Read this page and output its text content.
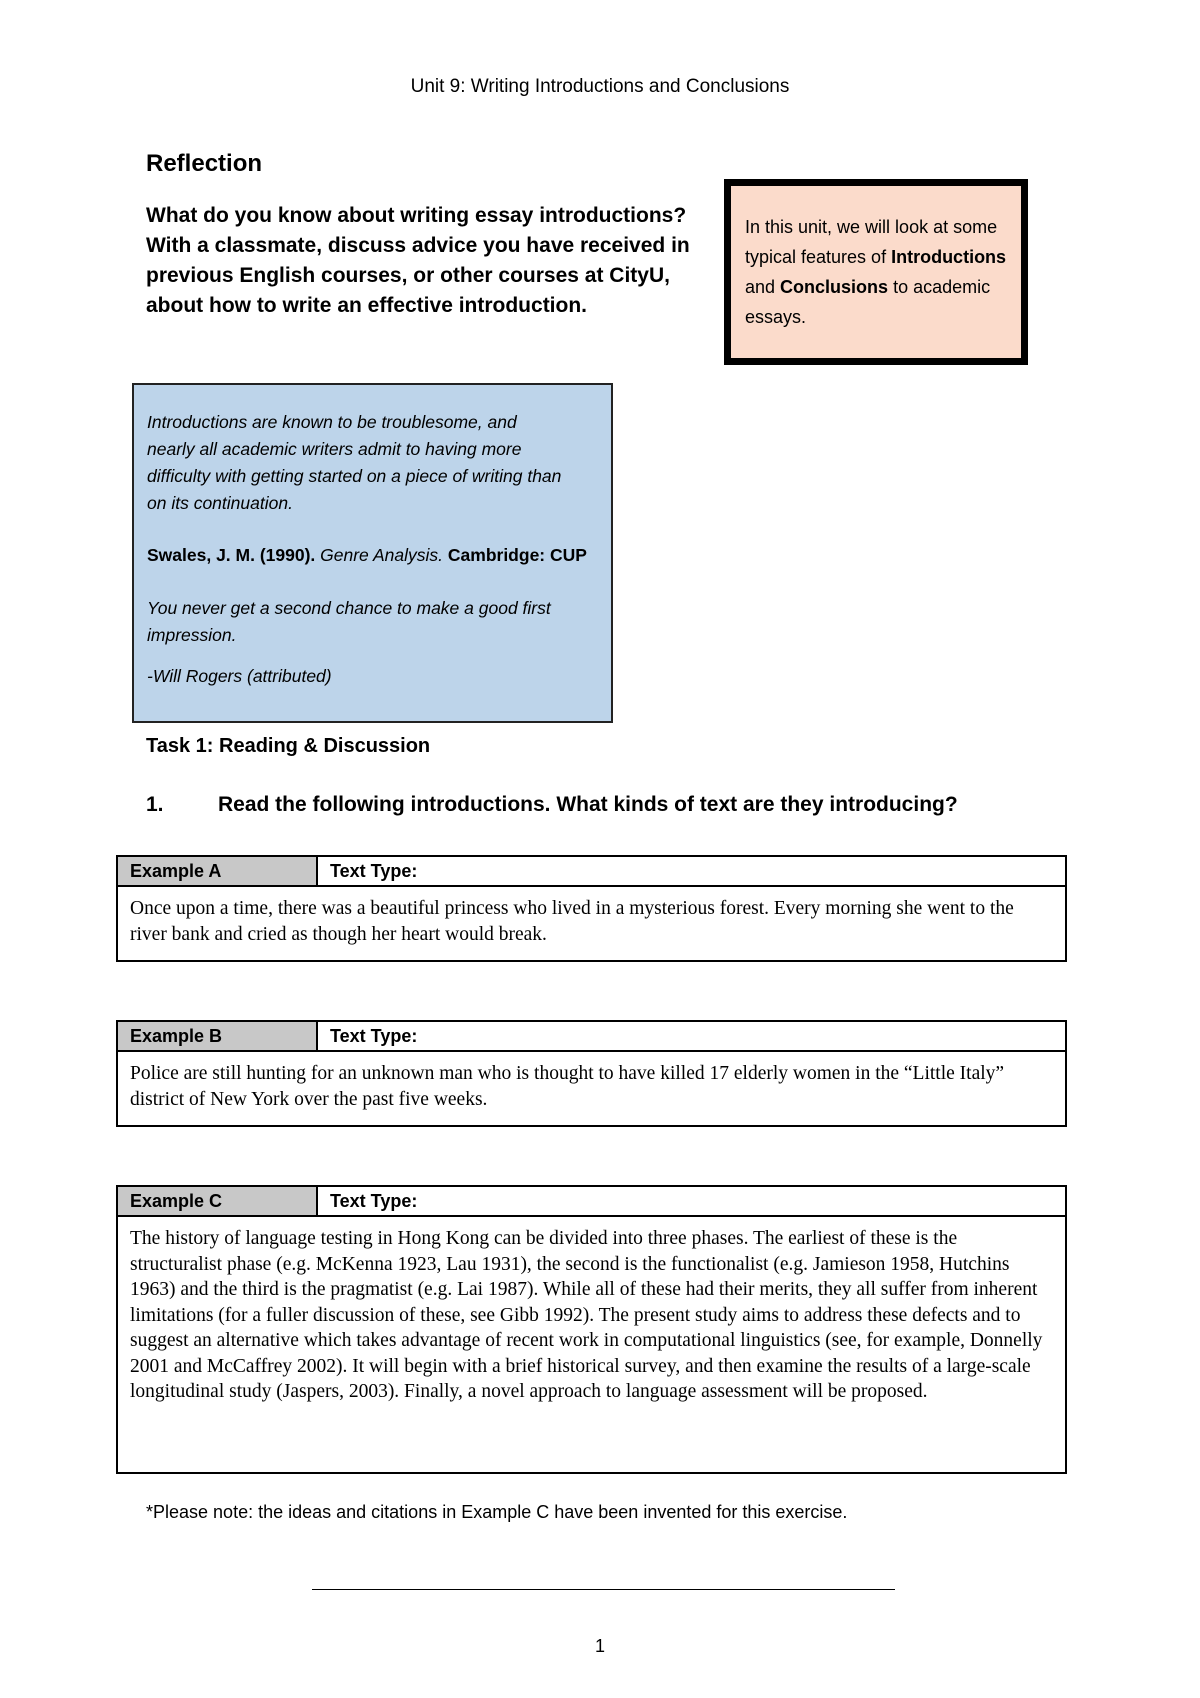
Unit 9: Writing Introductions and Conclusions
Reflection
What do you know about writing essay introductions? With a classmate, discuss advice you have received in previous English courses, or other courses at CityU, about how to write an effective introduction.
In this unit, we will look at some typical features of Introductions and Conclusions to academic essays.

Introductions are known to be troublesome, and nearly all academic writers admit to having more difficulty with getting started on a piece of writing than on its continuation.

Swales, J. M. (1990). Genre Analysis. Cambridge: CUP

You never get a second chance to make a good first impression.

-Will Rogers (attributed)

Task 1: Reading & Discussion
1.	Read the following introductions. What kinds of text are they introducing?
Example A	Text Type:
Once upon a time, there was a beautiful princess who lived in a mysterious forest. Every morning she went to the river bank and cried as though her heart would break.
Example B	Text Type:
Police are still hunting for an unknown man who is thought to have killed 17 elderly women in the “Little Italy” district of New York over the past five weeks.
Example C	Text Type:
The history of language testing in Hong Kong can be divided into three phases. The earliest of these is the structuralist phase (e.g. McKenna 1923, Lau 1931), the second is the functionalist (e.g. Jamieson 1958, Hutchins 1963) and the third is the pragmatist (e.g. Lai 1987). While all of these had their merits, they all suffer from inherent limitations (for a fuller discussion of these, see Gibb 1992). The present study aims to address these defects and to suggest an alternative which takes advantage of recent work in computational linguistics (see, for example, Donnelly 2001 and McCaffrey 2002). It will begin with a brief historical survey, and then examine the results of a large-scale longitudinal study (Jaspers, 2003). Finally, a novel approach to language assessment will be proposed.
*Please note: the ideas and citations in Example C have been invented for this exercise.
1
